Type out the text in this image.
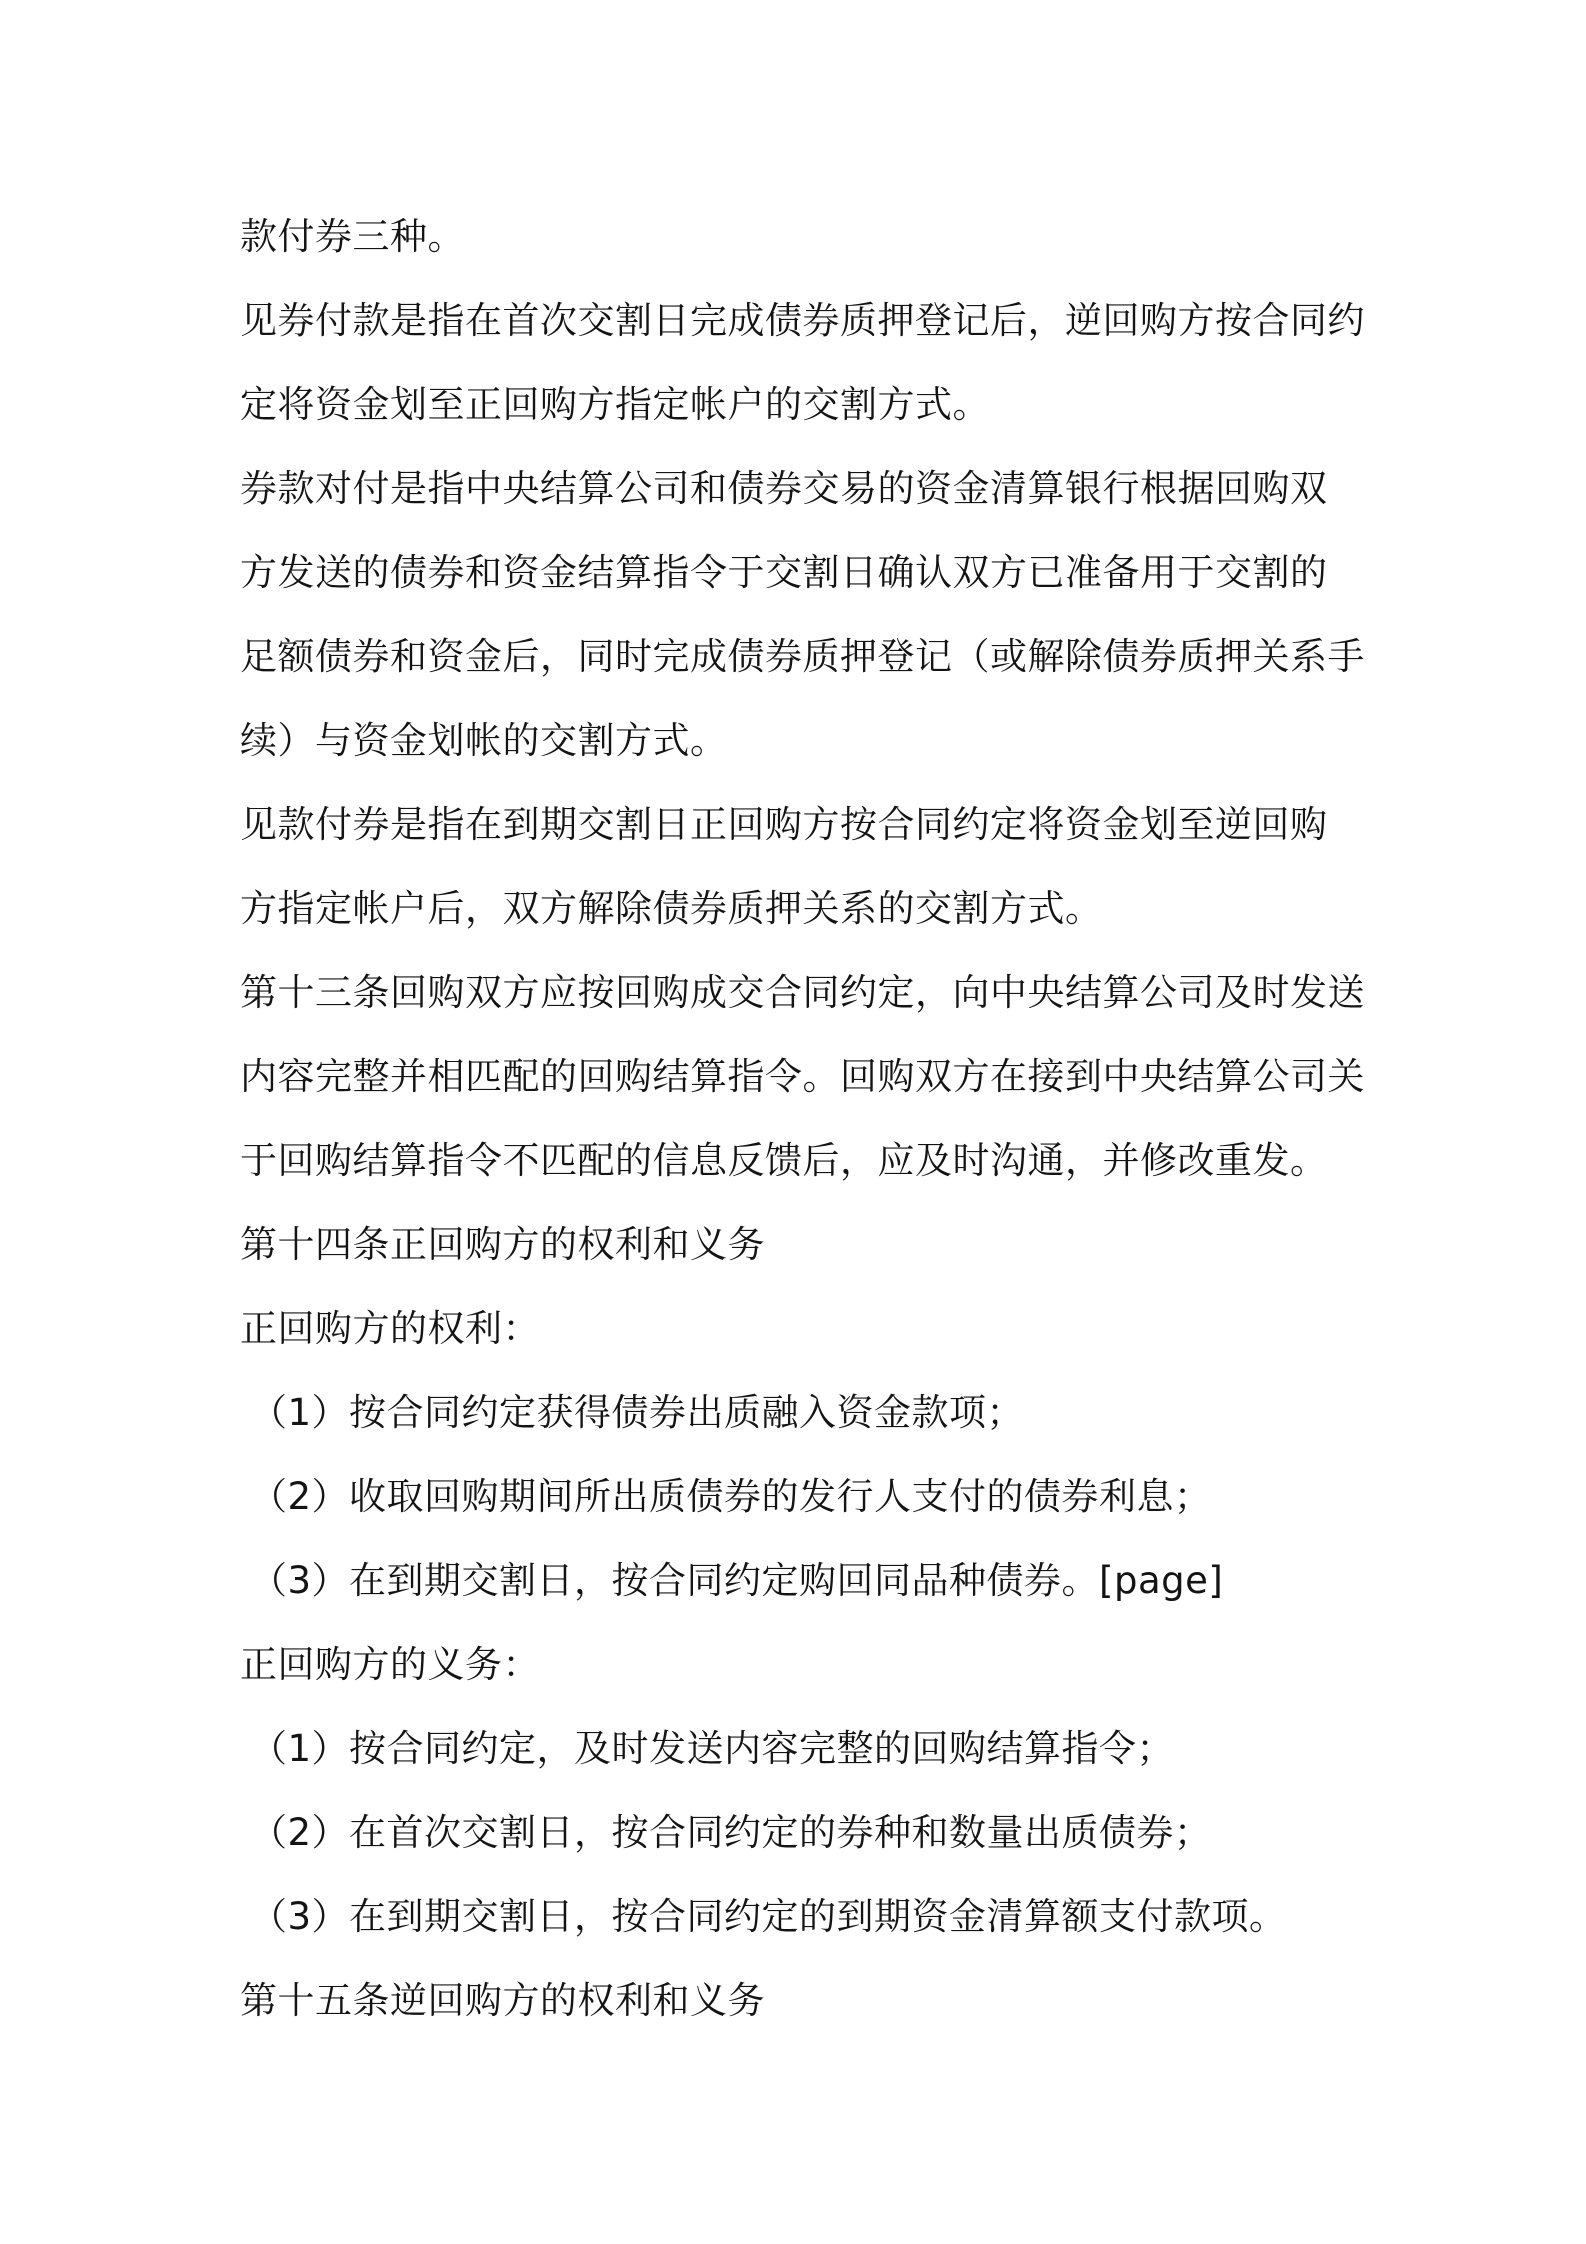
款付券三种。
见券付款是指在首次交割日完成债券质押登记后，逆回购方按合同约
定将资金划至正回购方指定帐户的交割方式。
券款对付是指中央结算公司和债券交易的资金清算银行根据回购双
方发送的债券和资金结算指令于交割日确认双方已准备用于交割的
足额债券和资金后，同时完成债券质押登记（或解除债券质押关系手
续）与资金划帐的交割方式。
见款付券是指在到期交割日正回购方按合同约定将资金划至逆回购
方指定帐户后，双方解除债券质押关系的交割方式。
第十三条回购双方应按回购成交合同约定，向中央结算公司及时发送
内容完整并相匹配的回购结算指令。回购双方在接到中央结算公司关
于回购结算指令不匹配的信息反馈后，应及时沟通，并修改重发。
第十四条正回购方的权利和义务
正回购方的权利：
（1）按合同约定获得债券出质融入资金款项；
（2）收取回购期间所出质债券的发行人支付的债券利息；
（3）在到期交割日，按合同约定购回同品种债券。[page]
正回购方的义务：
（1）按合同约定，及时发送内容完整的回购结算指令；
（2）在首次交割日，按合同约定的券种和数量出质债券；
（3）在到期交割日，按合同约定的到期资金清算额支付款项。
第十五条逆回购方的权利和义务
